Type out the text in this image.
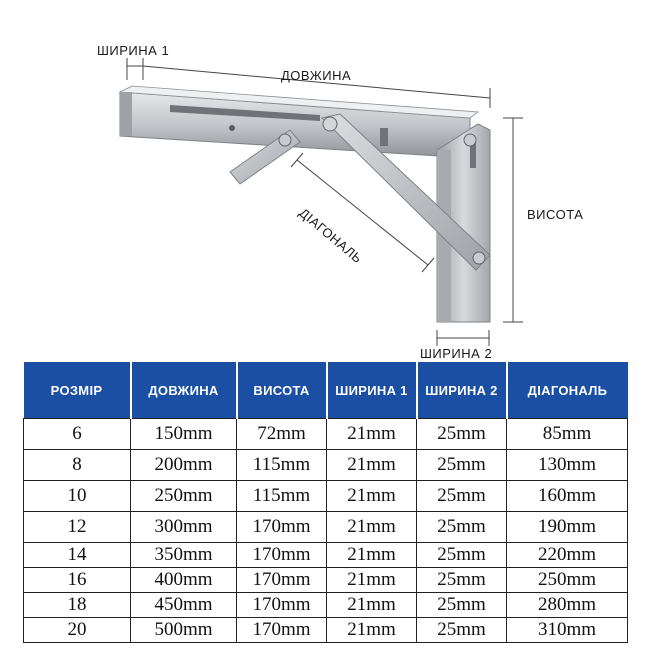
ШИРИНА 1
ДОВЖИНА
ВИСОТА
ДІАГОНАЛЬ
ШИРИНА 2
РОЗМІР	ДОВЖИНА	ВИСОТА	ШИРИНА 1	ШИРИНА 2	ДІАГОНАЛЬ
6	150mm	72mm	21mm	25mm	85mm
8	200mm	115mm	21mm	25mm	130mm
10	250mm	115mm	21mm	25mm	160mm
12	300mm	170mm	21mm	25mm	190mm
14	350mm	170mm	21mm	25mm	220mm
16	400mm	170mm	21mm	25mm	250mm
18	450mm	170mm	21mm	25mm	280mm
20	500mm	170mm	21mm	25mm	310mm
